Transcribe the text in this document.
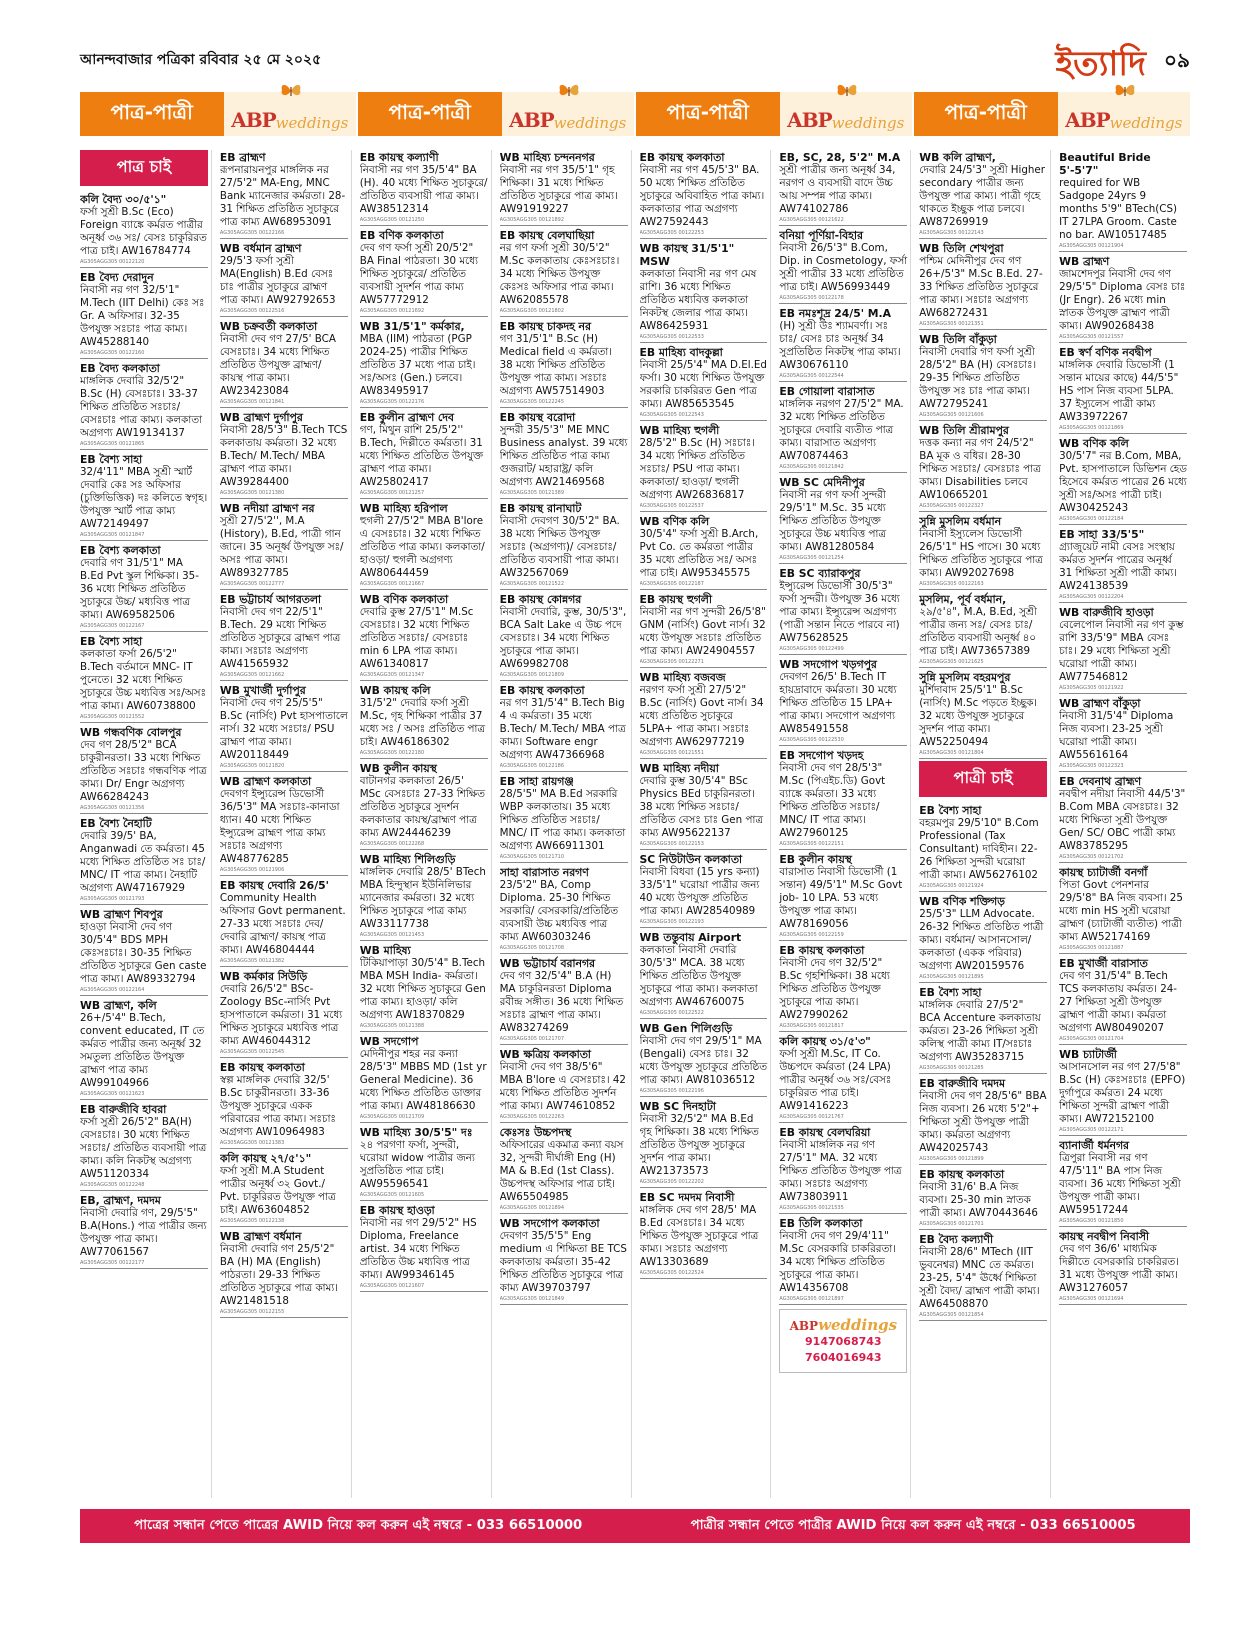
আনন্দবাজার পত্রিকা রবিবার ২৫ মে ২০২৫	ইত্যাদি ০৯
পাত্র-পাত্রী	ABP weddings	পাত্র-পাত্রী	ABP weddings	পাত্র-পাত্রী	ABP weddings	পাত্র-পাত্রী	ABP weddings
পাত্র চাই
কলি বৈদ্য ৩০/৫'১"
ফর্সা সুশ্রী B.Sc (Eco) Foreign ব্যাঙ্কে কর্মরত পাত্রীর অনূর্ধ্ব ৩৬ সঃ/ বেসঃ চাকুরিরত পাত্র চাই। AW16784774
AG305AGG305 00122120
EB বৈদ্য দেরাদুন
নিবাসী নর গণ 32/5'1" M.Tech (IIT Delhi) কেঃ সঃ Gr. A অফিসার। 32-35 উপযুক্ত সঃচাঃ পাত্র কাম্য। AW45288140
AG305AGG305 00122160
EB বৈদ্য কলকাতা
মাঙ্গলিক দেবারি 32/5'2" B.Sc (H) বেসঃচাঃ। 33-37 শিক্ষিত প্রতিষ্ঠিত সঃচাঃ/ বেসঃচাঃ পাত্র কাম্য। কলকাতা অগ্রগণ্য AW19134137
AG305AGG305 00121865
EB বৈশ্য সাহা
32/4'11" MBA সুশ্রী স্মার্ট দেবারি কেঃ সঃ অফিসার (চুক্তিভিত্তিক) দঃ কলিতে স্বগৃহ। উপযুক্ত স্মার্ট পাত্র কাম্য AW72149497
AG305AGG305 00121847
EB বৈশ্য কলকাতা
দেবারি গণ 31/5'1" MA B.Ed Pvt স্কুল শিক্ষিকা। 35-36 মধ্যে শিক্ষিত প্রতিষ্ঠিত সুচাকুরে উচ্চ/ মধ্যবিত্ত পাত্র কাম্য। AW69582506
AG305AGG305 00122167
EB বৈশ্য সাহা
কলকাতা ফর্সা 26/5'2" B.Tech বর্তমানে MNC- IT পুনেতে। 32 মধ্যে শিক্ষিত সুচাকুরে উচ্চ মধ্যবিত্ত সঃ/অসঃ পাত্র কাম্য। AW60738800
AG305AGG305 00121552
WB গন্ধবণিক বোলপুর
দেব গণ 28/5'2" BCA চাকুরীনরতা। 33 মধ্যে শিক্ষিত প্রতিষ্ঠিত সঃচাঃ গন্ধবণিক পাত্র কাম্য। Dr/ Engr অগ্রগণ্য AW66284243
AG305AGG305 00121356
EB বৈশ্য নৈহাটি
দেবারি 39/5' BA, Anganwadi তে কর্মরতা। 45 মধ্যে শিক্ষিত প্রতিষ্ঠিত সঃ চাঃ/ MNC/ IT পাত্র কাম্য। নৈহাটি অগ্রগণ্য AW47167929
AG305AGG305 00121793
WB ব্রাহ্মণ শিবপুর
হাওড়া নিবাসী দেব গণ 30/5'4" BDS MPH কেঃসঃচাঃ। 30-35 শিক্ষিত প্রতিষ্ঠিত সুচাকুরে Gen caste পাত্র কাম্য। AW89332794
AG305AGG305 00122164
WB ব্রাহ্মণ, কলি
26+/5'4" B.Tech, convent educated, IT তে কর্মরত পাত্রীর জন্য অনূর্ধ্ব 32 সমতুল্য প্রতিষ্ঠিত উপযুক্ত ব্রাহ্মণ পাত্র কাম্য AW99104966
AG305AGG305 00121623
EB বারুজীবি হাবরা
ফর্সা সুশ্রী 26/5'2" BA(H) বেসঃচাঃ। 30 মধ্যে শিক্ষিত সঃচাঃ/ প্রতিষ্ঠিত ব্যবসায়ী পাত্র কাম্য। কলি নিকটস্থ অগ্রগণ্য AW51120334
AG305AGG305 00122248
EB, ব্রাহ্মণ, দমদম
নিবাসী দেবারি গণ, 29/5'5" B.A(Hons.) পাত্র পাত্রীর জন্য উপযুক্ত পাত্র কাম্য। AW77061567
AG305AGG305 00122177
EB ব্রাহ্মণ
রূপনারায়নপুর মাঙ্গলিক নর 27/5'2" MA-Eng, MNC Bank ম্যানেজার কর্মরতা। 28-31 শিক্ষিত প্রতিষ্ঠিত সুচাকুরে পাত্র কাম্য AW68953091
AG305AGG305 00122166
WB বর্ধমান ব্রাহ্মণ
29/5'3 ফর্সা সুশ্রী MA(English) B.Ed বেসঃ চাঃ পাত্রীর সুচাকুরে ব্রাহ্মণ পাত্র কাম্য। AW92792653
AG305AGG305 00122516
WB চক্রবর্তী কলকাতা
নিবাসী দেব গণ 27/5' BCA বেসঃচাঃ। 34 মধ্যে শিক্ষিত প্রতিষ্ঠিত উপযুক্ত ব্রাহ্মণ/ কায়স্থ পাত্র কাম্য। AW23423084
AG305AGG305 00121841
WB ব্রাহ্মণ দুর্গাপুর
নিবাসী 28/5'3" B.Tech TCS কলকাতায় কর্মরতা। 32 মধ্যে B.Tech/ M.Tech/ MBA ব্রাহ্মণ পাত্র কাম্য। AW39284400
AG305AGG305 00121380
WB নদীয়া ব্রাহ্মণ নর
সুশ্রী 27/5'2'', M.A (History), B.Ed, পাত্রী গান জানে। 35 অনূর্ধ্ব উপযুক্ত সঃ/অসঃ পাত্র কাম্য। AW89327785
AG305AGG305 00122777
EB ভট্টাচার্য আগরতলা
নিবাসী দেব গণ 22/5'1" B.Tech. 29 মধ্যে শিক্ষিত প্রতিষ্ঠিত সুচাকুরে ব্রাহ্মণ পাত্র কাম্য। সঃচাঃ অগ্রগণ্য AW41565932
AG305AGG305 00121662
WB মুখার্জী দুর্গাপুর
নিবাসী দেব গণ 25/5'5" B.Sc (নার্সিং) Pvt হাসপাতালে নার্স। 32 মধ্যে সঃচাঃ/ PSU ব্রাহ্মণ পাত্র কাম্য। AW20118449
AG305AGG305 00121820
WB ব্রাহ্মণ কলকাতা
দেবগণ ইন্স্যুরেন্স ডিভোর্সী 36/5'3" MA সঃচাঃ-কানাডা ধ্যান। 40 মধ্যে শিক্ষিত ইন্স্যুরেন্স ব্রাহ্মণ পাত্র কাম্য সঃচাঃ অগ্রগণ্য AW48776285
AG305AGG305 00121906
EB কায়স্থ দেবারি 26/5'
Community Health অফিসার Govt permanent. 27-33 মধ্যে সঃচাঃ দেব/ দেবারি ব্রাহ্মণ/ কায়স্থ পাত্র কাম্য। AW46804444
AG305AGG305 00121382
WB কর্মকার সিউড়ি
দেবারি 26/5'2" BSc- Zoology BSc-নার্সিং Pvt হাসপাতালে কর্মরতা। 31 মধ্যে শিক্ষিত সুচাকুরে মধ্যবিত্ত পাত্র কাম্য AW46044312
AG305AGG305 00122545
EB কায়স্থ কলকাতা
স্বল্প মাঙ্গলিক দেবারি 32/5' B.Sc চাকুরীনরতা। 33-36 উপযুক্ত সুচাকুরে একক পরিবারের পাত্র কাম্য। সঃচাঃ অগ্রগণ্য AW10964983
AG305AGG305 00121383
কলি কায়স্থ ২৭/৫'১"
ফর্সা সুশ্রী M.A Student পাত্রীর অনূর্ধ্ব ৩২ Govt./ Pvt. চাকুরিরত উপযুক্ত পাত্র চাই। AW63604852
AG305AGG305 00122138
WB ব্রাহ্মণ বর্ধমান
নিবাসী দেবারি গণ 25/5'2" BA (H) MA (English) পাঠরতা। 29-33 শিক্ষিত প্রতিষ্ঠিত সুচাকুরে পাত্র কাম্য। AW21481518
AG305AGG305 00122155
EB কায়স্থ কল্যাণী
নিবাসী নর গণ 35/5'4" BA (H). 40 মধ্যে শিক্ষিত সুচাকুরে/ প্রতিষ্ঠিত ব্যবসায়ী পাত্র কাম্য। AW38512314
AG305AGG305 00121250
EB বণিক কলকাতা
দেব গণ ফর্সা সুশ্রী 20/5'2" BA Final পাঠরতা। 30 মধ্যে শিক্ষিত সুচাকুরে/ প্রতিষ্ঠিত ব্যবসায়ী সুদর্শন পাত্র কাম্য AW57772912
AG305AGG305 00121692
WB 31/5'1" কর্মকার,
MBA (IIM) পাঠরতা (PGP 2024-25) পাত্রীর শিক্ষিত প্রতিষ্ঠিত 37 মধ্যে পাত্র চাই। সঃ/অসঃ (Gen.) চলবে। AW83495917
AG305AGG305 00122176
EB কুলীন ব্রাহ্মণ দেব
গণ, মিথুন রাশি 25/5'2'' B.Tech, দিল্লীতে কর্মরতা। 31 মধ্যে শিক্ষিত প্রতিষ্ঠিত উপযুক্ত ব্রাহ্মণ পাত্র কাম্য। AW25802417
AG305AGG305 00121257
WB মাহিষ্য হরিপাল
হুগলী 27/5'2" MBA B'lore এ বেসঃচাঃ। 32 মধ্যে শিক্ষিত প্রতিষ্ঠিত পাত্র কাম্য। কলকাতা/ হাওড়া/ হুগলী অগ্রগণ্য AW80644459
AG305AGG305 00121667
WB বণিক কলকাতা
দেবারি কুম্ভ 27/5'1" M.Sc বেসঃচাঃ। 32 মধ্যে শিক্ষিত প্রতিষ্ঠিত সঃচাঃ/ বেসঃচাঃ min 6 LPA পাত্র কাম্য। AW61340817
AG305AGG305 00121347
WB কায়স্থ কলি
31/5'2" দেবারি ফর্সা সুশ্রী M.Sc, গৃহ শিক্ষিকা পাত্রীর 37 মধ্যে সঃ / অসঃ প্রতিষ্ঠিত পাত্র চাই। AW46186302
AG305AGG305 00122180
WB কুলীন কায়স্থ
বাটানগর কলকাতা 26/5' MSc বেসঃচাঃ 27-33 শিক্ষিত প্রতিষ্ঠিত সুচাকুরে সুদর্শন কলকাতার কায়স্থ/ব্রাহ্মণ পাত্র কাম্য AW24446239
AG305AGG305 00122268
WB মাহিষ্য শিলিগুড়ি
মাঙ্গলিক দেবারি 28/5' BTech MBA হিন্দুস্থান ইউনিলিভার ম্যানেজার কর্মরতা। 32 মধ্যে শিক্ষিত সুচাকুরে পাত্র কাম্য AW33117738
AG305AGG305 00121453
WB মাহিষ্য
টিকিয়াপাড়া 30/5'4" B.Tech MBA MSH India- কর্মরতা। 32 মধ্যে শিক্ষিত সুচাকুরে Gen পাত্র কাম্য। হাওড়া/ কলি অগ্রগণ্য AW18370829
AG305AGG305 00121388
WB সদগোপ
মেদিনীপুর শহর নর কন্যা 28/5'3" MBBS MD (1st yr General Medicine). 36 মধ্যে শিক্ষিত প্রতিষ্ঠিত ডাক্তার পাত্র কাম্য। AW48186630
AG305AGG305 00121709
WB মাহিষ্য 30/5'5" দঃ
২৪ পরগণা ফর্সা, সুন্দরী, ঘরোয়া widow পাত্রীর জন্য সুপ্রতিষ্ঠিত পাত্র চাই। AW95596541
AG305AGG305 00121605
EB কায়স্থ হাওড়া
নিবাসী নর গণ 29/5'2" HS Diploma, Freelance artist. 34 মধ্যে শিক্ষিত প্রতিষ্ঠিত উচ্চ মধ্যবিত্ত পাত্র কাম্য। AW99346145
AG305AGG305 00121607
WB মাহিষ্য চন্দননগর
নিবাসী নর গণ 35/5'1" গৃহ শিক্ষিকা। 31 মধ্যে শিক্ষিত প্রতিষ্ঠিত সুচাকুরে পাত্র কাম্য। AW91919227
AG305AGG305 00121892
EB কায়স্থ বেলঘাছিয়া
নর গণ ফর্সা সুশ্রী 30/5'2" M.Sc কলকাতায় কেঃসঃচাঃ। 34 মধ্যে শিক্ষিত উপযুক্ত কেঃসঃ অফিসার পাত্র কাম্য। AW62085578
AG305AGG305 00121802
EB কায়স্থ চাকদহ নর
গণ 31/5'1" B.Sc (H) Medical field এ কর্মরতা। 38 মধ্যে শিক্ষিত প্রতিষ্ঠিত উপযুক্ত পাত্র কাম্য। সঃচাঃ অগ্রগণ্য AW57514903
AG305AGG305 00122245
EB কায়স্থ বরোদা
সুন্দরী 35/5'3" ME MNC Business analyst. 39 মধ্যে শিক্ষিত প্রতিষ্ঠিত পাত্র কাম্য গুজরাট/ মহারাষ্ট্র/ কলি অগ্রগণ্য AW21469568
AG305AGG305 00121389
EB কায়স্থ রানাঘাট
নিবাসী দেবগণ 30/5'2" BA. 38 মধ্যে শিক্ষিত উপযুক্ত সঃচাঃ (অগ্রগণ্য)/ বেসঃচাঃ/ প্রতিষ্ঠিত ব্যবসায়ী পাত্র কাম্য। AW32567069
AG305AGG305 00121522
EB কায়স্থ কোন্নগর
নিবাসী দেবারি, কুম্ভ, 30/5'3", BCA Salt Lake এ উচ্চ পদে বেসঃচাঃ। 34 মধ্যে শিক্ষিত সুচাকুরে পাত্র কাম্য। AW69982708
AG305AGG305 00121809
EB কায়স্থ কলকাতা
নর গণ 31/5'4" B.Tech Big 4 এ কর্মরতা। 35 মধ্যে B.Tech/ M.Tech/ MBA পাত্র কাম্য। Software engr অগ্রগণ্য AW47366968
AG305AGG305 00122186
EB সাহা রায়গঞ্জ
28/5'5" MA B.Ed সরকারি WBP কলকাতায়। 35 মধ্যে শিক্ষিত প্রতিষ্ঠিত সঃচাঃ/ MNC/ IT পাত্র কাম্য। কলকাতা অগ্রগণ্য AW66911301
AG305AGG305 00121710
সাহা বারাসাত নরগণ
23/5'2" BA, Comp Diploma. 25-30 শিক্ষিত সরকারি/ বেসরকারি/প্রতিষ্ঠিত ব্যবসায়ী উচ্চ মধ্যবিত্ত পাত্র কাম্য AW60303246
AG305AGG305 00121708
WB ভট্টাচার্য বরানগর
দেব গণ 32/5'4" B.A (H) MA চাকুরিনরতা Diploma রবীন্দ্র সঙ্গীত। 36 মধ্যে শিক্ষিত সঃচাঃ ব্রাহ্মণ পাত্র কাম্য। AW83274269
AG305AGG305 00121707
WB ক্ষত্রিয় কলকাতা
নিবাসী দেব গণ 38/5'6" MBA B'lore এ বেসঃচাঃ। 42 মধ্যে শিক্ষিত প্রতিষ্ঠিত সুদর্শন পাত্র কাম্য। AW74610852
AG305AGG305 00122263
কেঃসঃ উচ্চপদস্থ
অফিসারের একমাত্র কন্যা বয়স 32, সুন্দরী দীর্ঘাঙ্গী Eng (H) MA & B.Ed (1st Class). উচ্চপদস্থ অফিসার পাত্র চাই। AW65504985
AG305AGG305 00121894
WB সদগোপ কলকাতা
দেবগণ 35/5'5" Eng medium এ শিক্ষিতা BE TCS কলকাতায় কর্মরতা। 35-42 শিক্ষিত প্রতিষ্ঠিত সুচাকুরে পাত্র কাম্য AW39703797
AG305AGG305 00121849
EB কায়স্থ কলকাতা
নিবাসী নর গণ 45/5'3" BA. 50 মধ্যে শিক্ষিত প্রতিষ্ঠিত সুচাকুরে অবিবাহিত পাত্র কাম্য। কলকাতার পাত্র অগ্রগণ্য AW27592443
AG305AGG305 00122253
WB কায়স্থ 31/5'1" MSW
কলকাতা নিবাসী নর গণ মেষ রাশি। 36 মধ্যে শিক্ষিত প্রতিষ্ঠিত মধ্যবিত্ত কলকাতা নিকটস্থ জেলার পাত্র কাম্য। AW86425931
AG305AGG305 00122533
EB মাহিষ্য বাদকুল্লা
নিবাসী 25/5'4" MA D.El.Ed ফর্সা। 30 মধ্যে শিক্ষিত উপযুক্ত সরকারি চাকরিরত Gen পাত্র কাম্য। AW85653545
AG305AGG305 00122543
WB মাহিষ্য হুগলী
28/5'2" B.Sc (H) সঃচাঃ। 34 মধ্যে শিক্ষিত প্রতিষ্ঠিত সঃচাঃ/ PSU পাত্র কাম্য। কলকাতা/ হাওড়া/ হুগলী অগ্রগণ্য AW26836817
AG305AGG305 00122537
WB বণিক কলি
30/5'4" ফর্সা সুশ্রী B.Arch, Pvt Co. তে কর্মরতা পাত্রীর 35 মধ্যে প্রতিষ্ঠিত সঃ/ অসঃ পাত্র চাই। AW95345575
AG305AGG305 00122187
EB কায়স্থ হুগলী
নিবাসী নর গণ সুন্দরী 26/5'8" GNM (নার্সিং) Govt নার্স। 32 মধ্যে উপযুক্ত সঃচাঃ প্রতিষ্ঠিত পাত্র কাম্য। AW24904557
AG305AGG305 00122271
WB মাহিষ্য বজবজ
নরগণ ফর্সা সুশ্রী 27/5'2" B.Sc (নার্সিং) Govt নার্স। 34 মধ্যে প্রতিষ্ঠিত সুচাকুরে 5LPA+ পাত্র কাম্য। সঃচাঃ অগ্রগণ্য AW62977219
AG305AGG305 00121551
WB মাহিষ্য নদীয়া
দেবারি কুম্ভ 30/5'4" BSc Physics BEd চাকুরিনরতা। 38 মধ্যে শিক্ষিত সঃচাঃ/ প্রতিষ্ঠিত বেসঃ চাঃ Gen পাত্র কাম্য AW95622137
AG305AGG305 00122153
SC নিউটাউন কলকাতা
নিবাসী বিধবা (15 yrs কন্যা) 33/5'1" ঘরোয়া পাত্রীর জন্য 40 মধ্যে উপযুক্ত প্রতিষ্ঠিত পাত্র কাম্য। AW28540989
AG305AGG305 00122193
WB তন্তুবায় Airport
কলকাতা নিবাসী দেবারি 30/5'3" MCA. 38 মধ্যে শিক্ষিত প্রতিষ্ঠিত উপযুক্ত সুচাকুরে পাত্র কাম্য। কলকাতা অগ্রগণ্য AW46760075
AG305AGG305 00122522
WB Gen শিলিগুড়ি
নিবাসী দেব গণ 29/5'1" MA (Bengali) বেসঃ চাঃ। 32 মধ্যে উপযুক্ত সুচাকুরে প্রতিষ্ঠিত পাত্র কাম্য। AW81036512
AG305AGG305 00122196
WB SC দিনহাটা
নিবাসী 32/5'2" MA B.Ed গৃহ শিক্ষিকা। 38 মধ্যে শিক্ষিত প্রতিষ্ঠিত উপযুক্ত সুচাকুরে সুদর্শন পাত্র কাম্য। AW21373573
AG305AGG305 00122202
EB SC দমদম নিবাসী
মাঙ্গলিক দেব গণ 28/5' MA B.Ed বেসঃচাঃ। 34 মধ্যে শিক্ষিত উপযুক্ত সুচাকুরে পাত্র কাম্য। সঃচাঃ অগ্রগণ্য AW13303689
AG305AGG305 00122524
EB, SC, 28, 5'2" M.A
সুশ্রী পাত্রীর জন্য অনূর্ধ্ব 34, নরগণ ও ব্যবসায়ী বাদে উচ্চ আয় সম্পন্ন পাত্র কাম্য। AW74102786
AG305AGG305 00121622
বনিয়া পূর্ণিয়া-বিহার
নিবাসী 26/5'3" B.Com, Dip. in Cosmetology, ফর্সা সুশ্রী পাত্রীর 33 মধ্যে প্রতিষ্ঠিত পাত্র চাই। AW56993449
AG305AGG305 00122178
EB নমঃশূদ্র 24/5' M.A
(H) সুশ্রী উঃ শ্যামবর্ণা। সঃ চাঃ/ বেসঃ চাঃ অনূর্ধ্ব 34 সুপ্রতিষ্ঠিত নিকটস্থ পাত্র কাম্য। AW30676110
AG305AGG305 00122544
EB গোয়ালা বারাসাত
মাঙ্গলিক নরগণ 27/5'2" MA. 32 মধ্যে শিক্ষিত প্রতিষ্ঠিত সুচাকুরে দেবারি ব্যতীত পাত্র কাম্য। বারাসাত অগ্রগণ্য AW70874463
AG305AGG305 00121842
WB SC মেদিনীপুর
নিবাসী নর গণ ফর্সা সুন্দরী 29/5'1" M.Sc. 35 মধ্যে শিক্ষিত প্রতিষ্ঠিত উপযুক্ত সুচাকুরে উচ্চ মধ্যবিত্ত পাত্র কাম্য। AW81280584
AG305AGG305 00121254
EB SC ব্যারাকপুর
ইন্স্যুরেন্স ডিভোর্সী 30/5'3" ফর্সা সুন্দরী। উপযুক্ত 36 মধ্যে পাত্র কাম্য। ইন্স্যুরেন্স অগ্রগণ্য (পাত্রী সন্তান নিতে পারবে না) AW75628525
AG305AGG305 00122499
WB সদগোপ খড়গপুর
দেবগণ 26/5' B.Tech IT হায়দ্রাবাদে কর্মরতা। 30 মধ্যে শিক্ষিত প্রতিষ্ঠিত 15 LPA+ পাত্র কাম্য। সদগোপ অগ্রগণ্য AW85491558
AG305AGG305 00122530
EB সদগোপ খড়দহ
নিবাসী দেব গণ 28/5'3" M.Sc (পিএইচ.ডি) Govt ব্যাঙ্কে কর্মরতা। 33 মধ্যে শিক্ষিত প্রতিষ্ঠিত সঃচাঃ/ MNC/ IT পাত্র কাম্য। AW27960125
AG305AGG305 00122151
EB কুলীন কায়স্থ
বারাসাত নিবাসী ডিভোর্সী (1 সন্তান) 49/5'1" M.Sc Govt job- 10 LPA. 53 মধ্যে উপযুক্ত পাত্র কাম্য। AW78169056
AG305AGG305 00122159
EB কায়স্থ কলকাতা
নিবাসী দেব গণ 32/5'2" B.Sc গৃহশিক্ষিকা। 38 মধ্যে শিক্ষিত প্রতিষ্ঠিত উপযুক্ত সুচাকুরে পাত্র কাম্য। AW27990262
AG305AGG305 00121817
কলি কায়স্থ ৩১/৫'৩"
ফর্সা সুশ্রী M.Sc, IT Co. উচ্চপদে কর্মরতা (24 LPA) পাত্রীর অনূর্ধ্ব ৩৬ সঃ/বেসঃ চাকুরিরত পাত্র চাই। AW91416223
AG305AGG305 00121767
EB কায়স্থ বেলঘরিয়া
নিবাসী মাঙ্গলিক নর গণ 27/5'1" MA. 32 মধ্যে শিক্ষিত প্রতিষ্ঠিত উপযুক্ত পাত্র কাম্য। সঃচাঃ অগ্রগণ্য AW73803911
AG305AGG305 00121535
EB তিলি কলকাতা
নিবাসী দেব গণ 29/4'11" M.Sc বেসরকারি চাকরিরতা। 34 মধ্যে শিক্ষিত প্রতিষ্ঠিত সুচাকুরে পাত্র কাম্য। AW14356708
AG305AGG305 00121897
ABPweddings
9147068743
7604016943
WB কলি ব্রাহ্মণ,
দেবারি 24/5'3" সুশ্রী Higher secondary পাত্রীর জন্য উপযুক্ত পাত্র কাম্য। পাত্রী গৃহে থাকতে ইচ্ছুক পাত্র চলবে। AW87269919
AG305AGG305 00122143
WB তিলি শেখপুরা
পশ্চিম মেদিনীপুর দেব গণ 26+/5'3" M.Sc B.Ed. 27-33 শিক্ষিত প্রতিষ্ঠিত সুচাকুরে পাত্র কাম্য। সঃচাঃ অগ্রগণ্য AW68272431
AG305AGG305 00121351
WB তিলি বাঁকুড়া
নিবাসী দেবারি গণ ফর্সা সুশ্রী 28/5'2" BA (H) বেসঃচাঃ। 29-35 শিক্ষিত প্রতিষ্ঠিত উপযুক্ত সঃ চাঃ পাত্র কাম্য। AW72795241
AG305AGG305 00121606
WB তিলি শ্রীরামপুর
দত্তক কন্যা নর গণ 24/5'2" BA মূক ও বধির। 28-30 শিক্ষিত সঃচাঃ/ বেসঃচাঃ পাত্র কাম্য। Disabilities চলবে AW10665201
AG305AGG305 00122327
সুন্নি মুসলিম বর্ধমান
নিবাসী ইস্যুলেস ডিভোর্সী 26/5'1" HS পাসে। 30 মধ্যে শিক্ষিত প্রতিষ্ঠিত সুচাকুরে পাত্র কাম্য। AW92027698
AG305AGG305 00122163
মুসলিম, পূর্ব বর্ধমান,
২৯/৫'৪", M.A, B.Ed, সুশ্রী পাত্রীর জন্য সঃ/ বেসঃ চাঃ/ প্রতিষ্ঠিত ব্যবসায়ী অনূর্ধ্ব ৪০ পাত্র চাই। AW73657389
AG305AGG305 00121625
সুন্নি মুসলিম বহরমপুর
মুর্শিদাবাদ 25/5'1" B.Sc (নার্সিং) M.Sc পড়তে ইচ্ছুক। 32 মধ্যে উপযুক্ত সুচাকুরে সুদর্শন পাত্র কাম্য। AW52250494
AG305AGG305 00121804
পাত্রী চাই
EB বৈশ্য সাহা
বহরমপুর 29/5'10" B.Com Professional (Tax Consultant) দাবিহীন। 22-26 শিক্ষিতা সুন্দরী ঘরোয়া পাত্রী কাম্য। AW56276102
AG305AGG305 00121924
WB বণিক শক্তিগড়
25/5'3" LLM Advocate. 26-32 শিক্ষিত প্রতিষ্ঠিত পাত্রী কাম্য। বর্ধমান/ আসানসোল/ কলকাতা (একক পরিবার) অগ্রগণ্য AW20159576
AG305AGG305 00121895
EB বৈশ্য সাহা
মাঙ্গলিক দেবারি 27/5'2" BCA Accenture কলকাতায় কর্মরত। 23-26 শিক্ষিতা সুশ্রী কলিস্থ পাত্রী কাম্য IT/সঃচাঃ অগ্রগণ্য AW35283715
AG305AGG305 00121285
EB বারুজীবি দমদম
নিবাসী দেব গণ 28/5'6" BBA নিজ ব্যবসা। 26 মধ্যে 5'2"+ শিক্ষিতা সুশ্রী উপযুক্ত পাত্রী কাম্য। কর্মরতা অগ্রগণ্য AW42025743
AG305AGG305 00121899
EB কায়স্থ কলকাতা
নিবাসী 31/6' B.A নিজ ব্যবসা। 25-30 min স্নাতক পাত্রী কাম্য। AW70443646
AG305AGG305 00121701
EB বৈদ্য কল্যাণী
নিবাসী 28/6" MTech (IIT ভুবনেশ্বর) MNC তে কর্মরত। 23-25, 5'4" ঊর্ধ্বে শিক্ষিতা সুশ্রী বৈদ্য/ ব্রাহ্মণ পাত্রী কাম্য। AW64508870
AG305AGG305 00121854
Beautiful Bride 5'-5'7"
required for WB Sadgope 24yrs 9 months 5'9" BTech(CS) IT 27LPA Groom. Caste no bar. AW10517485
AG305AGG305 00121904
WB ব্রাহ্মণ
জামশেদপুর নিবাসী দেব গণ 29/5'5" Diploma বেসঃ চাঃ (Jr Engr). 26 মধ্যে min স্নাতক উপযুক্ত ব্রাহ্মণ পাত্রী কাম্য। AW90268438
AG305AGG305 00121557
EB স্বর্ণ বণিক নবদ্বীপ
মাঙ্গলিক দেবারি ডিভোর্সী (1 সন্তান মায়ের কাছে) 44/5'5" HS পাস নিজ ব্যবসা 5LPA. 37 ইস্যুলেস পাত্রী কাম্য AW33972267
AG305AGG305 00121869
WB বণিক কলি
30/5'7" নর B.Com, MBA, Pvt. হাসপাতালে ডিভিশন হেড হিসেবে কর্মরত পাত্রের 26 মধ্যে সুশ্রী সঃ/অসঃ পাত্রী চাই। AW30425243
AG305AGG305 00122184
EB সাহা 33/5'5"
গ্র্যাজুয়েট নামী বেসঃ সংস্থায় কর্মরত সুদর্শন পাত্রের অনূর্ধ্ব 31 শিক্ষিতা সুশ্রী পাত্রী কাম্য। AW24138539
AG305AGG305 00122204
WB বারুজীবি হাওড়া
বেলেপোল নিবাসী নর গণ কুম্ভ রাশি 33/5'9" MBA বেসঃ চাঃ। 29 মধ্যে শিক্ষিতা সুশ্রী ঘরোয়া পাত্রী কাম্য। AW77546812
AG305AGG305 00121922
WB ব্রাহ্মণ বাঁকুড়া
নিবাসী 31/5'4" Diploma নিজ ব্যবসা। 23-25 সুশ্রী ঘরোয়া পাত্রী কাম্য। AW55616164
AG305AGG305 00122323
EB দেবনাথ ব্রাহ্মণ
নবদ্বীপ নদীয়া নিবাসী 44/5'3" B.Com MBA বেসঃচাঃ। 32 মধ্যে শিক্ষিতা সুশ্রী উপযুক্ত Gen/ SC/ OBC পাত্রী কাম্য AW83785295
AG305AGG305 00121702
কায়স্থ চ্যাটার্জী বনগাঁ
পিতা Govt পেনশনার 29/5'8" BA নিজ ব্যবসা। 25 মধ্যে min HS সুশ্রী ঘরোয়া ব্রাহ্মণ (চ্যাটার্জী ব্যতীত) পাত্রী কাম্য AW52174169
AG305AGG305 00121887
EB মুখার্জী বারাসাত
দেব গণ 31/5'4" B.Tech TCS কলকাতায় কর্মরত। 24-27 শিক্ষিতা সুশ্রী উপযুক্ত ব্রাহ্মণ পাত্রী কাম্য। কর্মরতা অগ্রগণ্য AW80490207
AG305AGG305 00121704
WB চ্যাটার্জী
আসানসোল নর গণ 27/5'8" B.Sc (H) কেঃসঃচাঃ (EPFO) দুর্গাপুরে কর্মরত। 24 মধ্যে শিক্ষিতা সুন্দরী ব্রাহ্মণ পাত্রী কাম্য। AW72152100
AG305AGG305 00122171
ব্যানার্জী ধর্মনগর
ত্রিপুরা নিবাসী নর গণ 47/5'11" BA পাস নিজ ব্যবসা। 36 মধ্যে শিক্ষিতা সুশ্রী উপযুক্ত পাত্রী কাম্য। AW59517244
AG305AGG305 00121850
কায়স্থ নবদ্বীপ নিবাসী
দেব গণ 36/6' মাধ্যমিক দিল্লীতে বেসরকারি চাকরিরত। 31 মধ্যে উপযুক্ত পাত্রী কাম্য। AW31276057
AG305AGG305 00121694
পাত্রের সন্ধান পেতে পাত্রের AWID নিয়ে কল করুন এই নম্বরে - 033 66510000	পাত্রীর সন্ধান পেতে পাত্রীর AWID নিয়ে কল করুন এই নম্বরে - 033 66510005
